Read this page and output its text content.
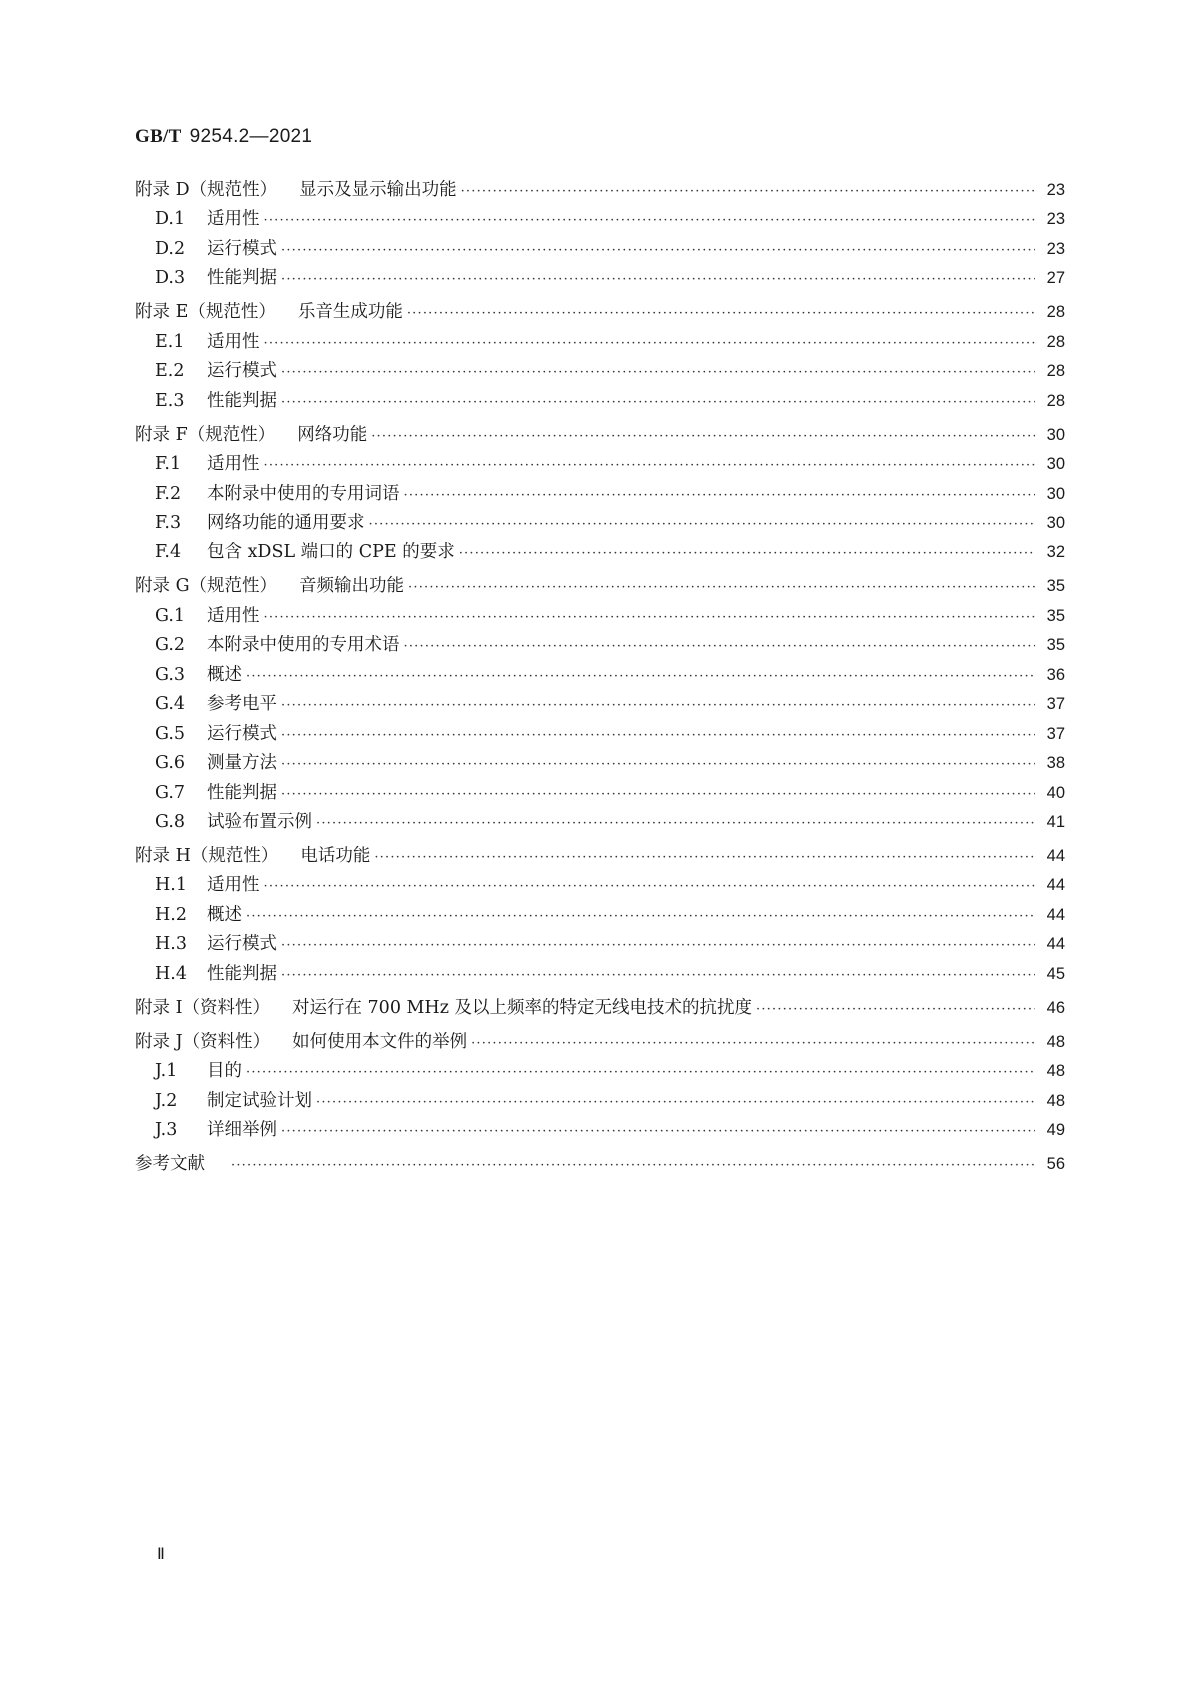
GB/T 9254.2—2021
附录 D（规范性） 显示及显示输出功能 ·····	23
D.1	适用性 ·····	23
D.2	运行模式 ·····	23
D.3	性能判据 ·····	27
附录 E（规范性） 乐音生成功能 ·····	28
E.1	适用性 ·····	28
E.2	运行模式 ·····	28
E.3	性能判据 ·····	28
附录 F（规范性） 网络功能 ·····	30
F.1	适用性 ·····	30
F.2	本附录中使用的专用词语 ·····	30
F.3	网络功能的通用要求 ·····	30
F.4	包含 xDSL 端口的 CPE 的要求 ·····	32
附录 G（规范性） 音频输出功能 ·····	35
G.1	适用性 ·····	35
G.2	本附录中使用的专用术语 ·····	35
G.3	概述 ·····	36
G.4	参考电平 ·····	37
G.5	运行模式 ·····	37
G.6	测量方法 ·····	38
G.7	性能判据 ·····	40
G.8	试验布置示例 ·····	41
附录 H（规范性） 电话功能 ·····	44
H.1	适用性 ·····	44
H.2	概述 ·····	44
H.3	运行模式 ·····	44
H.4	性能判据 ·····	45
附录 I（资料性） 对运行在 700 MHz 及以上频率的特定无线电技术的抗扰度 ·····	46
附录 J（资料性） 如何使用本文件的举例 ·····	48
J.1	目的 ·····	48
J.2	制定试验计划 ·····	48
J.3	详细举例 ·····	49
参考文献 ·····	56
Ⅱ
